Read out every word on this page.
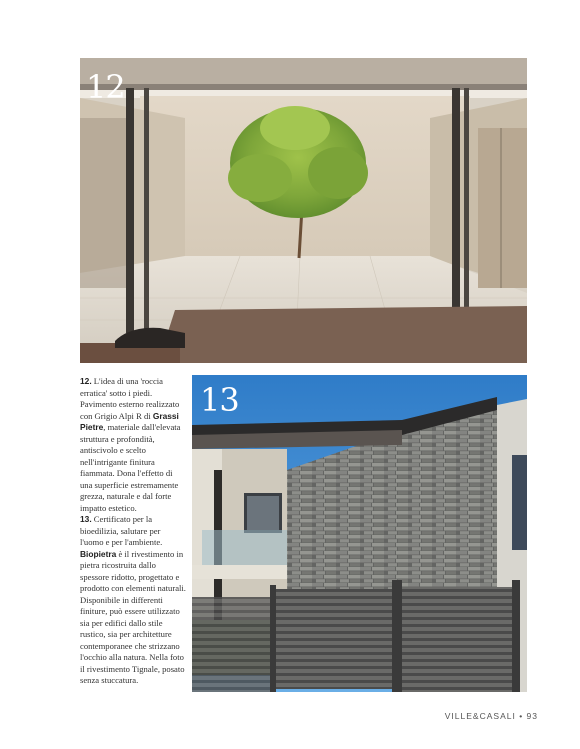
12

12. L'idea di una 'roccia erratica' sotto i piedi. Pavimento esterno realizzato con Grigio Alpi R di Grassi Pietre, materiale dall'elevata struttura e profondità, antiscivolo e scelto nell'intrigante finitura fiammata. Dona l'effetto di una superficie estremamente grezza, naturale e dal forte impatto estetico.

13. Certificato per la bioedilizia, salutare per l'uomo e per l'ambiente.
Biopietra è il rivestimento in pietra ricostruita dallo spessore ridotto, progettato e prodotto con elementi naturali. Disponibile in differenti finiture, può essere utilizzato sia per edifici dallo stile rustico, sia per architetture contemporanee che strizzano l'occhio alla natura. Nella foto il rivestimento Tignale, posato senza stuccatura.

13
VILLE&CASALI • 93
